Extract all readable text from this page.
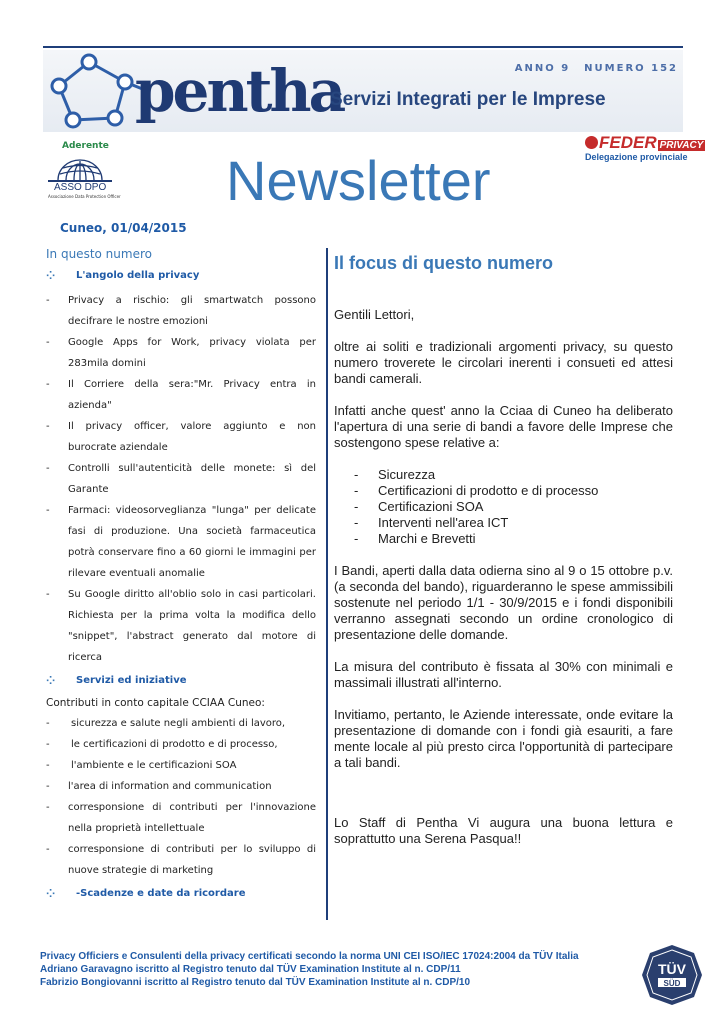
ANNO 9 NUMERO 152
pentha
Servizi Integrati per le Imprese
Aderente
ASSO DPO
Associazione Data Protection Officer Newsletter
FEDER PRIVACY
Delegazione provinciale
Cuneo, 01/04/2015
In questo numero
⁘	L'angolo della privacy
-	Privacy a rischio: gli smartwatch possono decifrare le nostre emozioni
-	Google Apps for Work, privacy violata per 283mila domini
-	Il Corriere della sera:"Mr. Privacy entra in azienda"
-	Il privacy officer, valore aggiunto e non burocrate aziendale
-	Controlli sull'autenticità delle monete: sì del Garante
-	Farmaci: videosorveglianza "lunga" per delicate fasi di produzione. Una società farmaceutica potrà conservare fino a 60 giorni le immagini per rilevare eventuali anomalie
-	Su Google diritto all'oblio solo in casi particolari. Richiesta per la prima volta la modifica dello "snippet", l'abstract generato dal motore di ricerca
⁘	Servizi ed iniziative
Contributi in conto capitale CCIAA Cuneo:
-	sicurezza e salute negli ambienti di lavoro,
-	le certificazioni di prodotto e di processo,
-	l'ambiente e le certificazioni SOA
-	l'area di information and communication
-	corresponsione di contributi per l'innovazione nella proprietà intellettuale
-	corresponsione di contributi per lo sviluppo di nuove strategie di marketing
⁘	-Scadenze e date da ricordare
Il focus di questo numero
Gentili Lettori,
oltre ai soliti e tradizionali argomenti privacy, su questo numero troverete le circolari inerenti i consueti ed attesi bandi camerali.
Infatti anche quest' anno la Cciaa di Cuneo ha deliberato l'apertura di una serie di bandi a favore delle Imprese che sostengono spese relative a:
-	Sicurezza
-	Certificazioni di prodotto e di processo
-	Certificazioni SOA
-	Interventi nell'area ICT
-	Marchi e Brevetti
I Bandi, aperti dalla data odierna sino al 9 o 15 ottobre p.v. (a seconda del bando), riguarderanno le spese ammissibili sostenute nel periodo 1/1 - 30/9/2015 e i fondi disponibili verranno assegnati secondo un ordine cronologico di presentazione delle domande.
La misura del contributo è fissata al 30% con minimali e massimali illustrati all'interno.
Invitiamo, pertanto, le Aziende interessate, onde evitare la presentazione di domande con i fondi già esauriti, a fare mente locale al più presto circa l'opportunità di partecipare a tali bandi.
Lo Staff di Pentha Vi augura una buona lettura e soprattutto una Serena Pasqua!!
Privacy Officiers e Consulenti della privacy certificati secondo la norma UNI CEI ISO/IEC 17024:2004 da TÜV Italia
Adriano Garavagno iscritto al Registro tenuto dal TÜV Examination Institute al n. CDP/11
Fabrizio Bongiovanni iscritto al Registro tenuto dal TÜV Examination Institute al n. CDP/10
TÜV
SÜD
